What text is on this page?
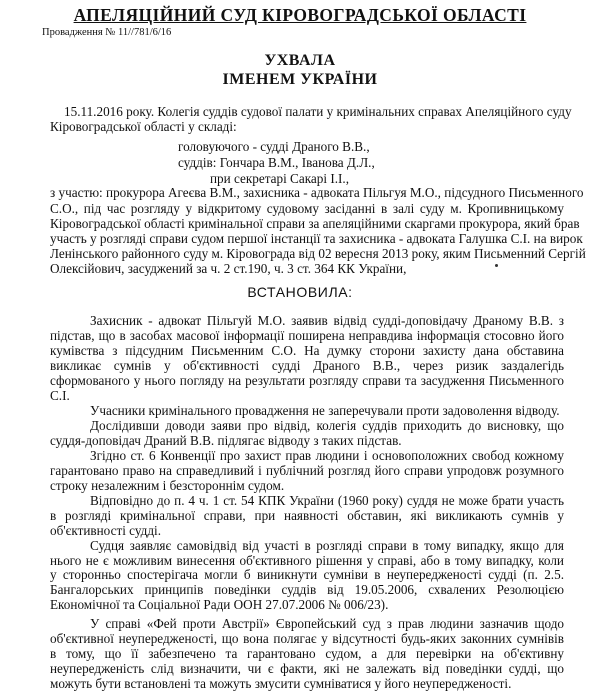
АПЕЛЯЦІЙНИЙ СУД КІРОВОГРАДСЬКОЇ ОБЛАСТІ
Провадження № 11//781/6/16
УХВАЛА
ІМЕНЕМ УКРАЇНИ
15.11.2016 року. Колегія суддів судової палати у кримінальних справах Апеляційного суду
Кіровоградської області у складі:
головуючого - судді Драного В.В.,
суддів: Гончара В.М., Іванова Д.Л.,
при секретарі Сакарі І.І.,
з участю: прокурора Агеєва В.М., захисника - адвоката Пільгуя М.О., підсудного Письменного
С.О., під час розгляду у відкритому судовому засіданні в залі суду м. Кропивницькому
Кіровоградської області кримінальної справи за апеляційними скаргами прокурора, який брав
участь у розгляді справи судом першої інстанції та захисника - адвоката Галушка С.І. на вирок
Ленінського районного суду м. Кіровограда від 02 вересня 2013 року, яким Письменний Сергій
Олексійович, засуджений за ч. 2 ст.190, ч. 3 ст. 364 КК України,
ВСТАНОВИЛА:
Захисник - адвокат Пільгуй М.О. заявив відвід судді-доповідачу Драному В.В. з
підстав, що в засобах масової інформації поширена неправдива інформація стосовно його
кумівства з підсудним Письменним С.О. На думку сторони захисту дана обставина
викликає сумнів у об'єктивності судді Драного В.В., через ризик заздалегідь
сформованого у нього погляду на результати розгляду справи та засудження Письменного
С.І.
Учасники кримінального провадження не заперечували проти задоволення відводу.
Дослідивши доводи заяви про відвід, колегія суддів приходить до висновку, що
суддя-доповідач Драний В.В. підлягає відводу з таких підстав.
Згідно ст. 6 Конвенції про захист прав людини і основоположних свобод кожному
гарантовано право на справедливий і публічний розгляд його справи упродовж розумного
строку незалежним і безстороннім судом.
Відповідно до п. 4 ч. 1 ст. 54 КПК України (1960 року) суддя не може брати участь
в розгляді кримінальної справи, при наявності обставин, які викликають сумнів у
об'єктивності судді.
Судця заявляє самовідвід від участі в розгляді справи в тому випадку, якщо для
нього не є можливим винесення об'єктивного рішення у справі, або в тому випадку, коли
у сторонньо спостерігача могли б виникнути сумніви в неупередженості судді (п. 2.5.
Бангалорських принципів поведінки суддів від 19.05.2006, схвалених Резолюцією
Економічної та Соціальної Ради ООН 27.07.2006 № 006/23).
У справі «Фей проти Австрії» Європейський суд з прав людини зазначив щодо
об'єктивної неупередженості, що вона полягає у відсутності будь-яких законних сумнівів
в тому, що її забезпечено та гарантовано судом, а для перевірки на об'єктивну
неупередженість слід визначити, чи є факти, які не залежать від поведінки судді, що
можуть бути встановлені та можуть змусити сумніватися у його неупередженості.
